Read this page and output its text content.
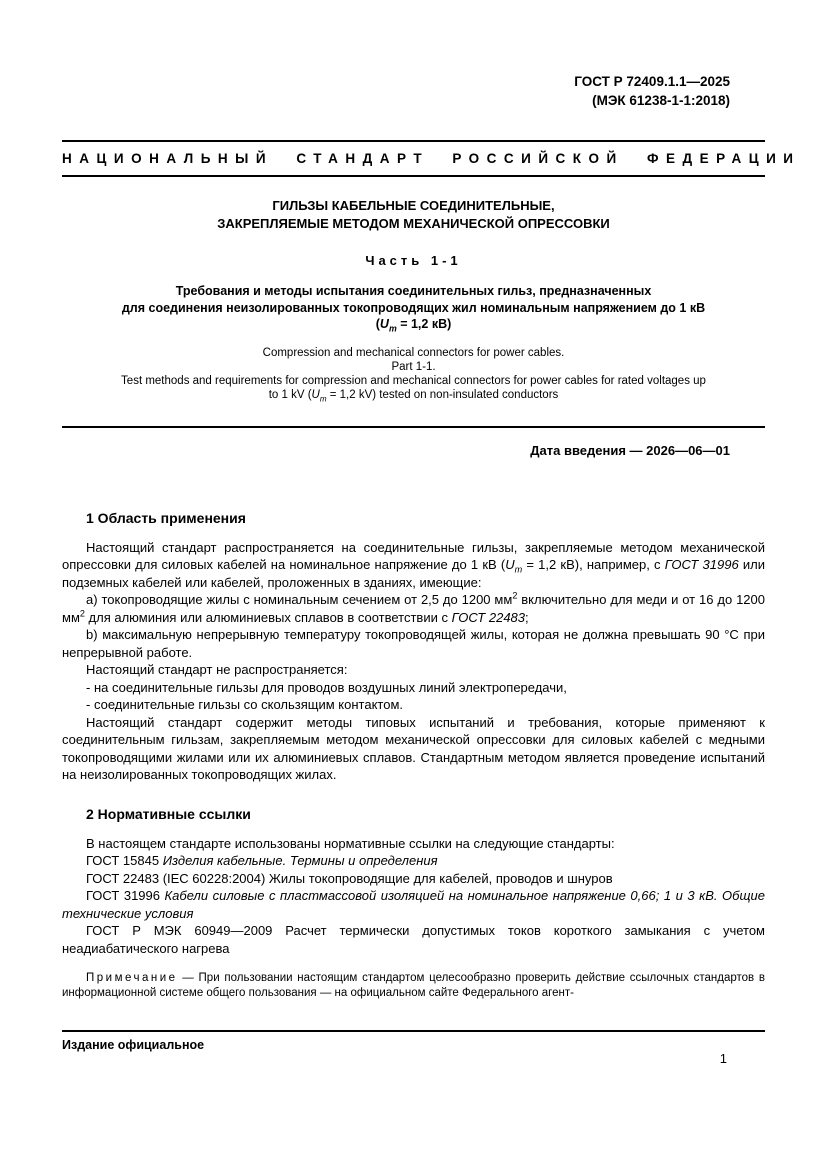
ГОСТ Р 72409.1.1—2025
(МЭК 61238-1-1:2018)
НАЦИОНАЛЬНЫЙ СТАНДАРТ РОССИЙСКОЙ ФЕДЕРАЦИИ
ГИЛЬЗЫ КАБЕЛЬНЫЕ СОЕДИНИТЕЛЬНЫЕ,
ЗАКРЕПЛЯЕМЫЕ МЕТОДОМ МЕХАНИЧЕСКОЙ ОПРЕССОВКИ
Часть 1-1
Требования и методы испытания соединительных гильз, предназначенных
для соединения неизолированных токопроводящих жил номинальным напряжением до 1 кВ
($U_m = 1,2$ кВ)
Compression and mechanical connectors for power cables.
Part 1-1.
Test methods and requirements for compression and mechanical connectors for power cables for rated voltages up
to 1 kV ($U_m = 1,2$ kV) tested on non-insulated conductors
Дата введения — 2026—06—01
1 Область применения

Настоящий стандарт распространяется на соединительные гильзы, закрепляемые методом механической опрессовки для силовых кабелей на номинальное напряжение до 1 кВ ($U_m = 1,2$ кВ), например, с ГОСТ 31996 или подземных кабелей или кабелей, проложенных в зданиях, имеющие:

а) токопроводящие жилы с номинальным сечением от 2,5 до 1200 $мм^2$ включительно для меди и от 16 до 1200 $мм^2$ для алюминия или алюминиевых сплавов в соответствии с ГОСТ 22483;

b) максимальную непрерывную температуру токопроводящей жилы, которая не должна превышать 90 °С при непрерывной работе.

Настоящий стандарт не распространяется:

- на соединительные гильзы для проводов воздушных линий электропередачи,

- соединительные гильзы со скользящим контактом.

Настоящий стандарт содержит методы типовых испытаний и требования, которые применяют к соединительным гильзам, закрепляемым методом механической опрессовки для силовых кабелей с медными токопроводящими жилами или их алюминиевых сплавов. Стандартным методом является проведение испытаний на неизолированных токопроводящих жилах.

2 Нормативные ссылки

В настоящем стандарте использованы нормативные ссылки на следующие стандарты:

ГОСТ 15845 Изделия кабельные. Термины и определения

ГОСТ 22483 (IEC 60228:2004) Жилы токопроводящие для кабелей, проводов и шнуров

ГОСТ 31996 Кабели силовые с пластмассовой изоляцией на номинальное напряжение 0,66; 1 и 3 кВ. Общие технические условия

ГОСТ Р МЭК 60949—2009 Расчет термически допустимых токов короткого замыкания с учетом неадиабатического нагрева

Примечание — При пользовании настоящим стандартом целесообразно проверить действие ссылочных стандартов в информационной системе общего пользования — на официальном сайте Федерального агент-

Издание официальное
1
